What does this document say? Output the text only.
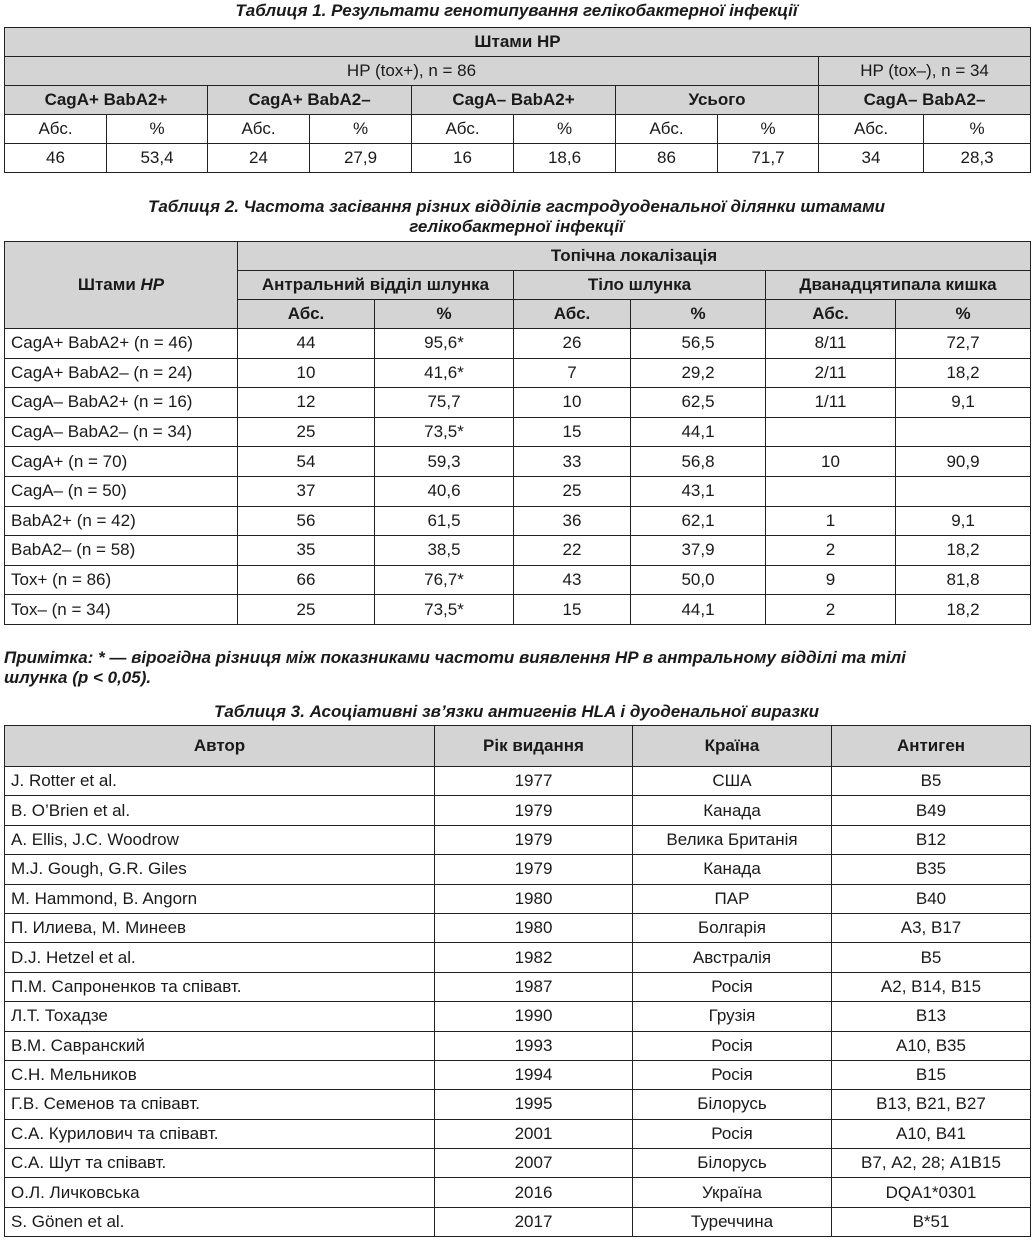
Таблиця 1. Результати генотипування гелікобактерної інфекції
Штами HP									
HP (tox+), n = 86								HP (tox–), n = 34	
CagA+ BabA2+		CagA+ BabA2–		CagA– BabA2+		Усього		CagA– BabA2–	
Абс.	%	Абс.	%	Абс.	%	Абс.	%	Абс.	%
46	53,4	24	27,9	16	18,6	86	71,7	34	28,3
Таблиця 2. Частота засівання різних відділів гастродуоденальної ділянки штамами
гелікобактерної інфекції
Штами HP	Топічна локалізація					
	Антральний відділ шлунка		Тіло шлунка		Дванадцятипала кишка	
	Абс.	%	Абс.	%	Абс.	%
CagA+ BabA2+ (n = 46)	44	95,6*	26	56,5	8/11	72,7
CagA+ BabA2– (n = 24)	10	41,6*	7	29,2	2/11	18,2
CagA– BabA2+ (n = 16)	12	75,7	10	62,5	1/11	9,1
CagA– BabA2– (n = 34)	25	73,5*	15	44,1		
CagA+ (n = 70)	54	59,3	33	56,8	10	90,9
CagA– (n = 50)	37	40,6	25	43,1		
BabA2+ (n = 42)	56	61,5	36	62,1	1	9,1
BabA2– (n = 58)	35	38,5	22	37,9	2	18,2
Tox+ (n = 86)	66	76,7*	43	50,0	9	81,8
Tox– (n = 34)	25	73,5*	15	44,1	2	18,2
Примітка: * — вірогідна різниця між показниками частоти виявлення HP в антральному відділі та тілі
шлунка (р < 0,05).
Таблиця 3. Асоціативні зв’язки антигенів HLA і дуоденальної виразки
Автор	Рік видання	Країна	Антиген
J. Rotter et al.	1977	США	B5
B. O’Brien et al.	1979	Канада	B49
A. Ellis, J.C. Woodrow	1979	Велика Британія	B12
M.J. Gough, G.R. Giles	1979	Канада	B35
M. Hammond, B. Angorn	1980	ПАР	B40
П. Илиева, М. Минеев	1980	Болгарія	А3, В17
D.J. Hetzel et al.	1982	Австралія	B5
П.М. Сапроненков та співавт.	1987	Росія	А2, В14, В15
Л.Т. Тохадзе	1990	Грузія	В13
В.М. Савранский	1993	Росія	А10, В35
С.Н. Мельников	1994	Росія	В15
Г.В. Семенов та співавт.	1995	Білорусь	В13, В21, В27
С.А. Курилович та співавт.	2001	Росія	А10, В41
С.А. Шут та співавт.	2007	Білорусь	В7, А2, 28; А1В15
О.Л. Личковська	2016	Україна	DQA1*0301
S. Gönen et al.	2017	Туреччина	B*51
